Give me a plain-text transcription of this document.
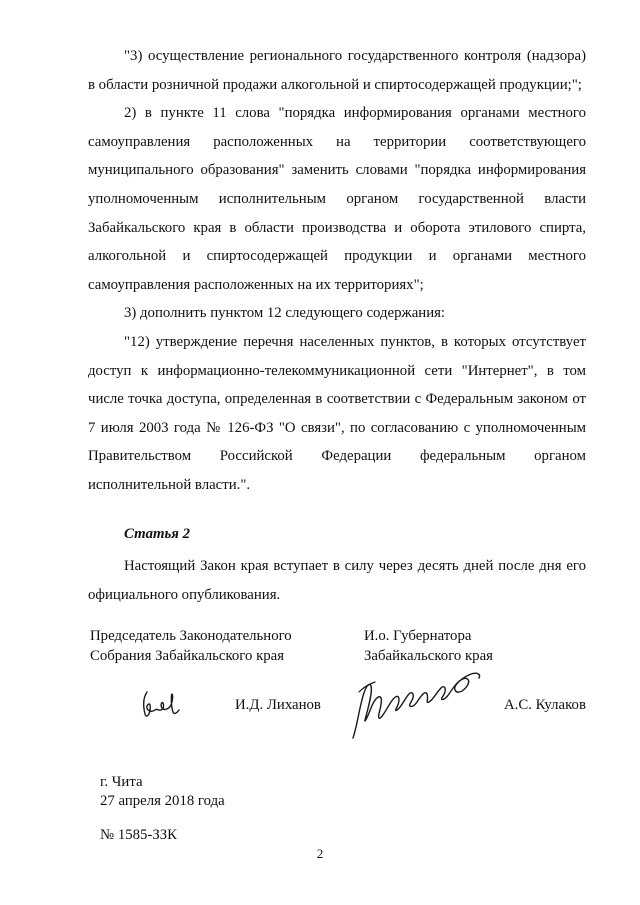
"3) осуществление регионального государственного контроля (надзора) в области розничной продажи алкогольной и спиртосодержащей продукции;";

2) в пункте 11 слова "порядка информирования органами местного самоуправления расположенных на территории соответствующего муниципального образования" заменить словами "порядка информирования уполномоченным исполнительным органом государственной власти Забайкальского края в области производства и оборота этилового спирта, алкогольной и спиртосодержащей продукции и органами местного самоуправления расположенных на их территориях";

3) дополнить пунктом 12 следующего содержания:

"12) утверждение перечня населенных пунктов, в которых отсутствует доступ к информационно-телекоммуникационной сети "Интернет", в том числе точка доступа, определенная в соответствии с Федеральным законом от 7 июля 2003 года № 126-ФЗ "О связи", по согласованию с уполномоченным Правительством Российской Федерации федеральным органом исполнительной власти.".

Статья 2

Настоящий Закон края вступает в силу через десять дней после дня его официального опубликования.

Председатель Законодательного
Собрания Забайкальского края
И.о. Губернатора
Забайкальского края
И.Д. Лиханов	А.С. Кулаков
г. Чита
27 апреля 2018 года
№ 1585-ЗЗК
2
